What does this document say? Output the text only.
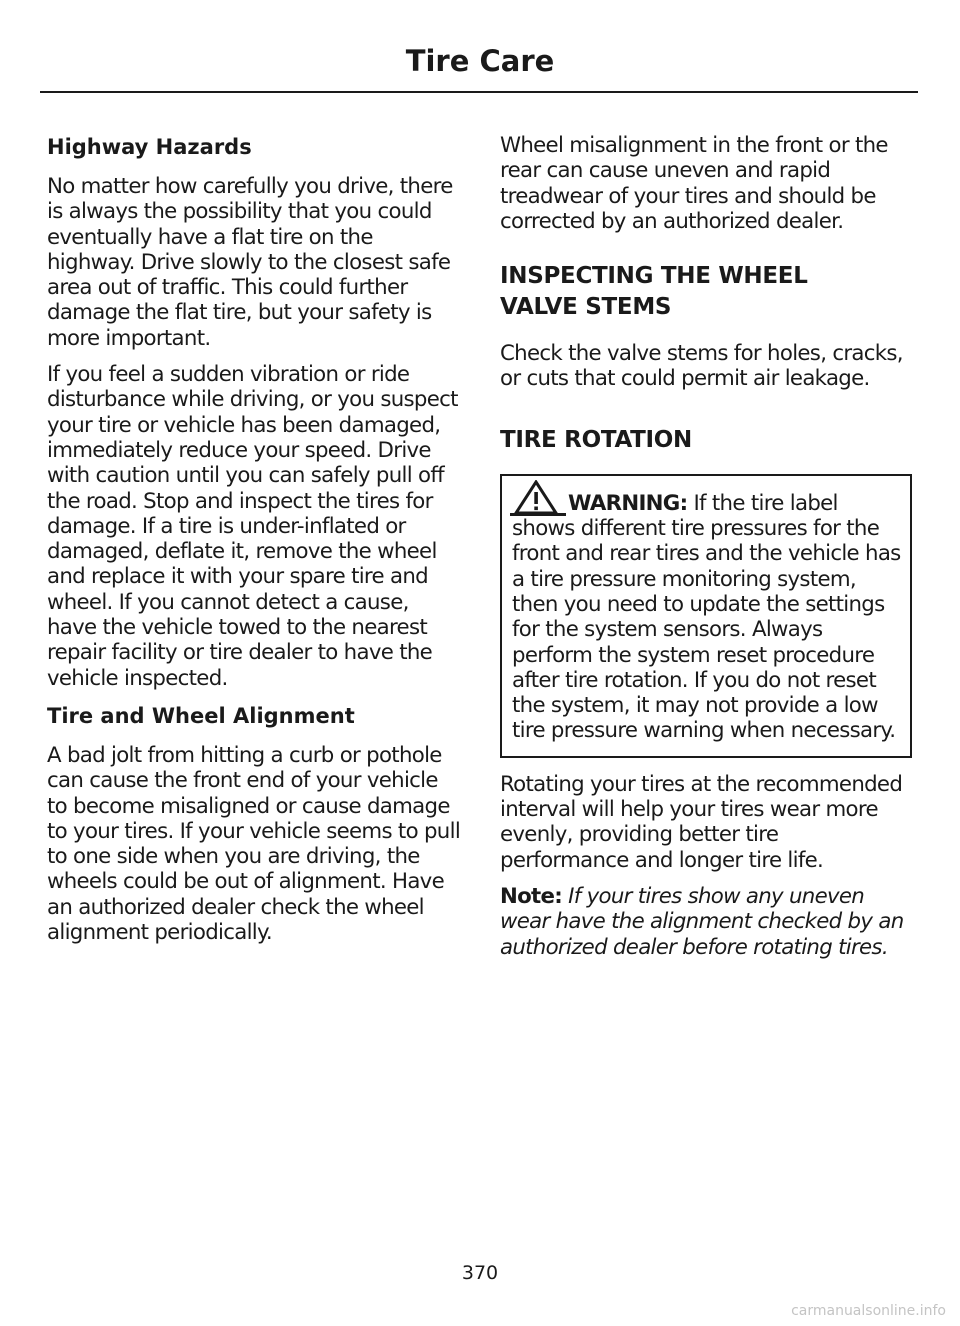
Tire Care
Highway Hazards

No matter how carefully you drive, there is always the possibility that you could eventually have a flat tire on the highway. Drive slowly to the closest safe area out of traffic. This could further damage the flat tire, but your safety is more important.

If you feel a sudden vibration or ride disturbance while driving, or you suspect your tire or vehicle has been damaged, immediately reduce your speed. Drive with caution until you can safely pull off the road. Stop and inspect the tires for damage. If a tire is under-inflated or damaged, deflate it, remove the wheel and replace it with your spare tire and wheel. If you cannot detect a cause, have the vehicle towed to the nearest repair facility or tire dealer to have the vehicle inspected.

Tire and Wheel Alignment

A bad jolt from hitting a curb or pothole can cause the front end of your vehicle to become misaligned or cause damage to your tires. If your vehicle seems to pull to one side when you are driving, the wheels could be out of alignment. Have an authorized dealer check the wheel alignment periodically.

Wheel misalignment in the front or the rear can cause uneven and rapid treadwear of your tires and should be corrected by an authorized dealer.

INSPECTING THE WHEEL
VALVE STEMS

Check the valve stems for holes, cracks, or cuts that could permit air leakage.

TIRE ROTATION

WARNING: If the tire label shows different tire pressures for the front and rear tires and the vehicle has a tire pressure monitoring system, then you need to update the settings for the system sensors. Always perform the system reset procedure after tire rotation. If you do not reset the system, it may not provide a low tire pressure warning when necessary.

Rotating your tires at the recommended interval will help your tires wear more evenly, providing better tire performance and longer tire life.

Note: If your tires show any uneven wear have the alignment checked by an authorized dealer before rotating tires.

370
carmanualsonline.info
